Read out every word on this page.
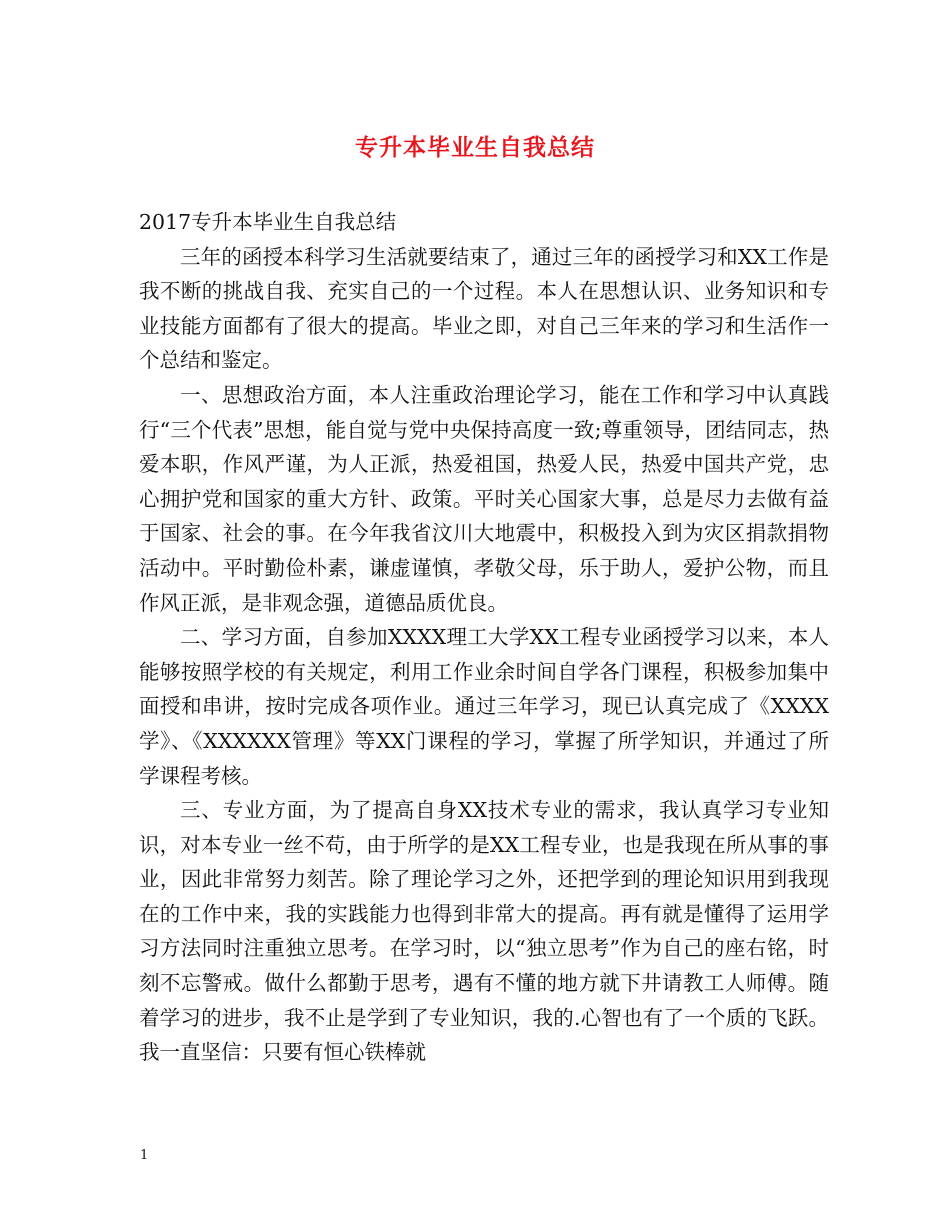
专升本毕业生自我总结

2017专升本毕业生自我总结

三年的函授本科学习生活就要结束了，通过三年的函授学习和XX工作是我不断的挑战自我、充实自己的一个过程。本人在思想认识、业务知识和专业技能方面都有了很大的提高。毕业之即，对自己三年来的学习和生活作一个总结和鉴定。

一、思想政治方面，本人注重政治理论学习，能在工作和学习中认真践行“三个代表”思想，能自觉与党中央保持高度一致;尊重领导，团结同志，热爱本职，作风严谨，为人正派，热爱祖国，热爱人民，热爱中国共产党，忠心拥护党和国家的重大方针、政策。平时关心国家大事，总是尽力去做有益于国家、社会的事。在今年我省汶川大地震中，积极投入到为灾区捐款捐物活动中。平时勤俭朴素，谦虚谨慎，孝敬父母，乐于助人，爱护公物，而且作风正派，是非观念强，道德品质优良。

二、学习方面，自参加XXXX理工大学XX工程专业函授学习以来，本人能够按照学校的有关规定，利用工作业余时间自学各门课程，积极参加集中面授和串讲，按时完成各项作业。通过三年学习，现已认真完成了《XXXX学》、《XXXXXX管理》等XX门课程的学习，掌握了所学知识，并通过了所学课程考核。

三、专业方面，为了提高自身XX技术专业的需求，我认真学习专业知识，对本专业一丝不苟，由于所学的是XX工程专业，也是我现在所从事的事业，因此非常努力刻苦。除了理论学习之外，还把学到的理论知识用到我现在的工作中来，我的实践能力也得到非常大的提高。再有就是懂得了运用学习方法同时注重独立思考。在学习时，以“独立思考”作为自己的座右铭，时刻不忘警戒。做什么都勤于思考，遇有不懂的地方就下井请教工人师傅。随着学习的进步，我不止是学到了专业知识，我的.心智也有了一个质的飞跃。我一直坚信：只要有恒心铁棒就

1
